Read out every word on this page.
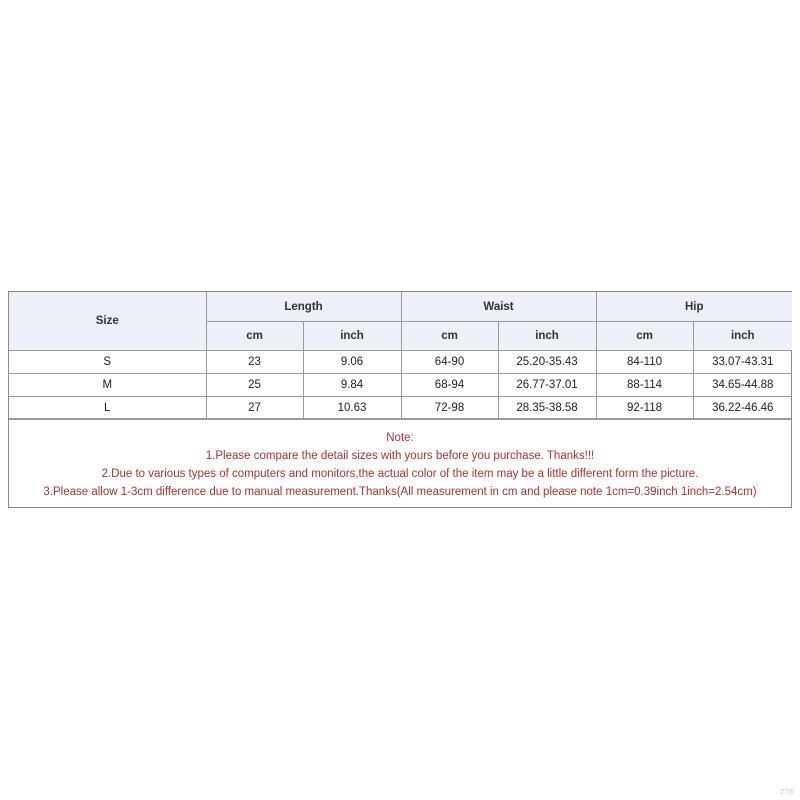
Size	Length		Waist		Hip	
	cm	inch	cm	inch	cm	inch
S	23	9.06	64-90	25.20-35.43	84-110	33.07-43.31
M	25	9.84	68-94	26.77-37.01	88-114	34.65-44.88
L	27	10.63	72-98	28.35-38.58	92-118	36.22-46.46
Note:
1.Please compare the detail sizes with yours before you purchase. Thanks!!!
2.Due to various types of computers and monitors,the actual color of the item may be a little different form the picture.
3.Please allow 1-3cm difference due to manual measurement.Thanks(All measurement in cm and please note 1cm=0.39inch 1inch=2.54cm)
Z7III
